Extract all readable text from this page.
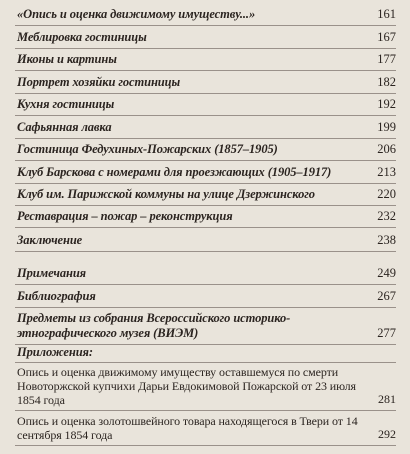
«Опись и оценка движимому имуществу...»	161
Меблировка гостиницы	167
Иконы и картины	177
Портрет хозяйки гостиницы	182
Кухня гостиницы	192
Сафьянная лавка	199
Гостиница Федухиных-Пожарских (1857–1905)	206
Клуб Барскова с номерами для проезжающих (1905–1917)	213
Клуб им. Парижской коммуны на улице Дзержинского	220
Реставрация – пожар – реконструкция	232
Заключение	238
Примечания	249
Библиография	267
Предметы из собрания Всероссийского историко-этнографического музея (ВИЭМ)	277
Приложения:
Опись и оценка движимому имуществу оставшемуся по смерти Новоторжской купчихи Дарьи Евдокимовой Пожарской от 23 июля 1854 года	281
Опись и оценка золотошвейного товара находящегося в Твери от 14 сентября 1854 года	292
